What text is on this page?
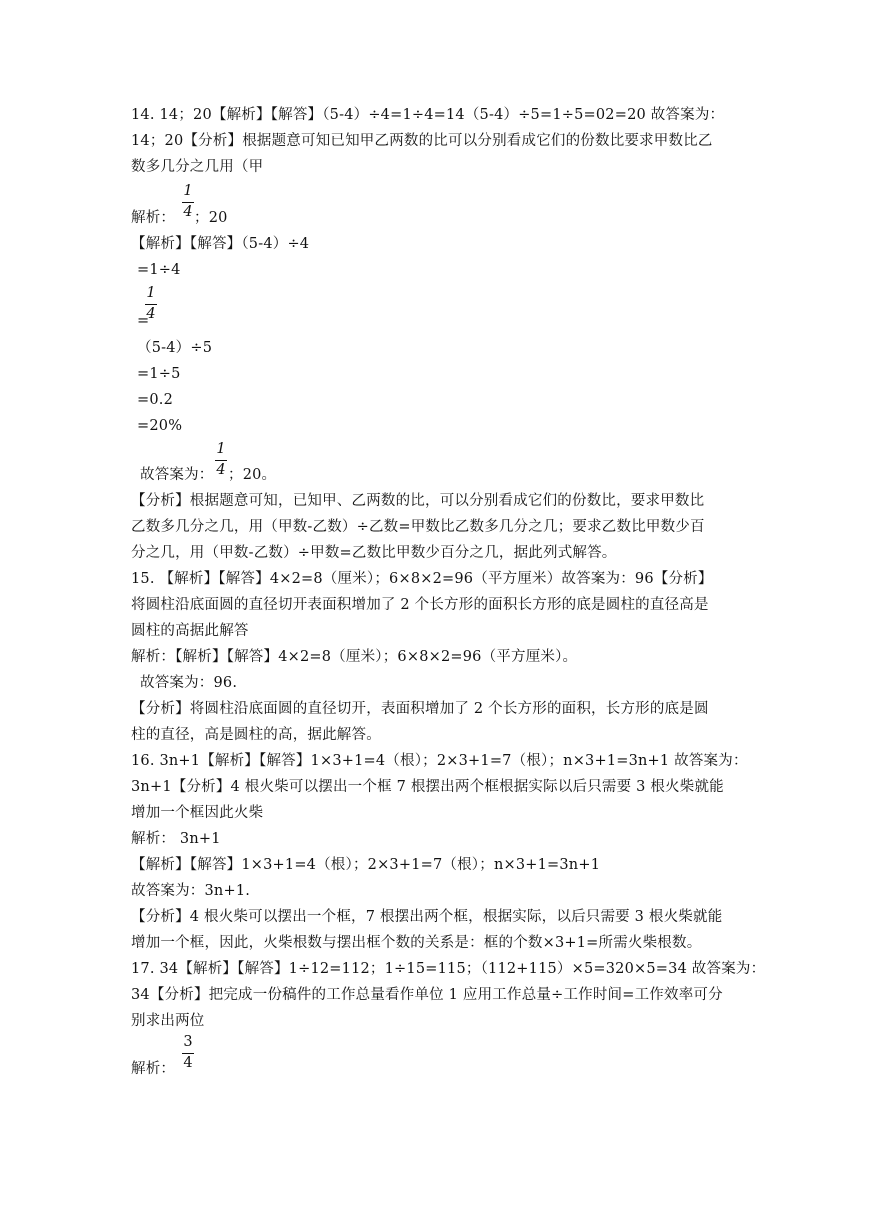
14. 14；20【解析】【解答】（5-4）÷4=1÷4=14（5-4）÷5=1÷5=02=20 故答案为：
14；20【分析】根据题意可知已知甲乙两数的比可以分别看成它们的份数比要求甲数比乙
数多几分之几用（甲
1
4
解析： ；20
【解析】【解答】（5-4）÷4
=1÷4
1
4
=
（5-4）÷5
=1÷5
=0.2
=20%
1
4
故答案为： ；20。
【分析】根据题意可知，已知甲、乙两数的比，可以分别看成它们的份数比，要求甲数比
乙数多几分之几，用（甲数-乙数）÷乙数=甲数比乙数多几分之几；要求乙数比甲数少百
分之几，用（甲数-乙数）÷甲数=乙数比甲数少百分之几，据此列式解答。
15. 【解析】【解答】4×2=8（厘米）；6×8×2=96（平方厘米）故答案为：96【分析】
将圆柱沿底面圆的直径切开表面积增加了 2 个长方形的面积长方形的底是圆柱的直径高是
圆柱的高据此解答
解析：【解析】【解答】4×2=8（厘米）；6×8×2=96（平方厘米）。
故答案为：96.
【分析】将圆柱沿底面圆的直径切开，表面积增加了 2 个长方形的面积，长方形的底是圆
柱的直径，高是圆柱的高，据此解答。
16. 3n+1【解析】【解答】1×3+1=4（根）；2×3+1=7（根）；n×3+1=3n+1 故答案为：
3n+1【分析】4 根火柴可以摆出一个框 7 根摆出两个框根据实际以后只需要 3 根火柴就能
增加一个框因此火柴
解析： 3n+1
【解析】【解答】1×3+1=4（根）；2×3+1=7（根）；n×3+1=3n+1
故答案为：3n+1.
【分析】4 根火柴可以摆出一个框，7 根摆出两个框，根据实际，以后只需要 3 根火柴就能
增加一个框，因此，火柴根数与摆出框个数的关系是：框的个数×3+1=所需火柴根数。
17. 34【解析】【解答】1÷12=112；1÷15=115；（112+115）×5=320×5=34 故答案为：
34【分析】把完成一份稿件的工作总量看作单位 1 应用工作总量÷工作时间=工作效率可分
别求出两位
3
4
解析：
